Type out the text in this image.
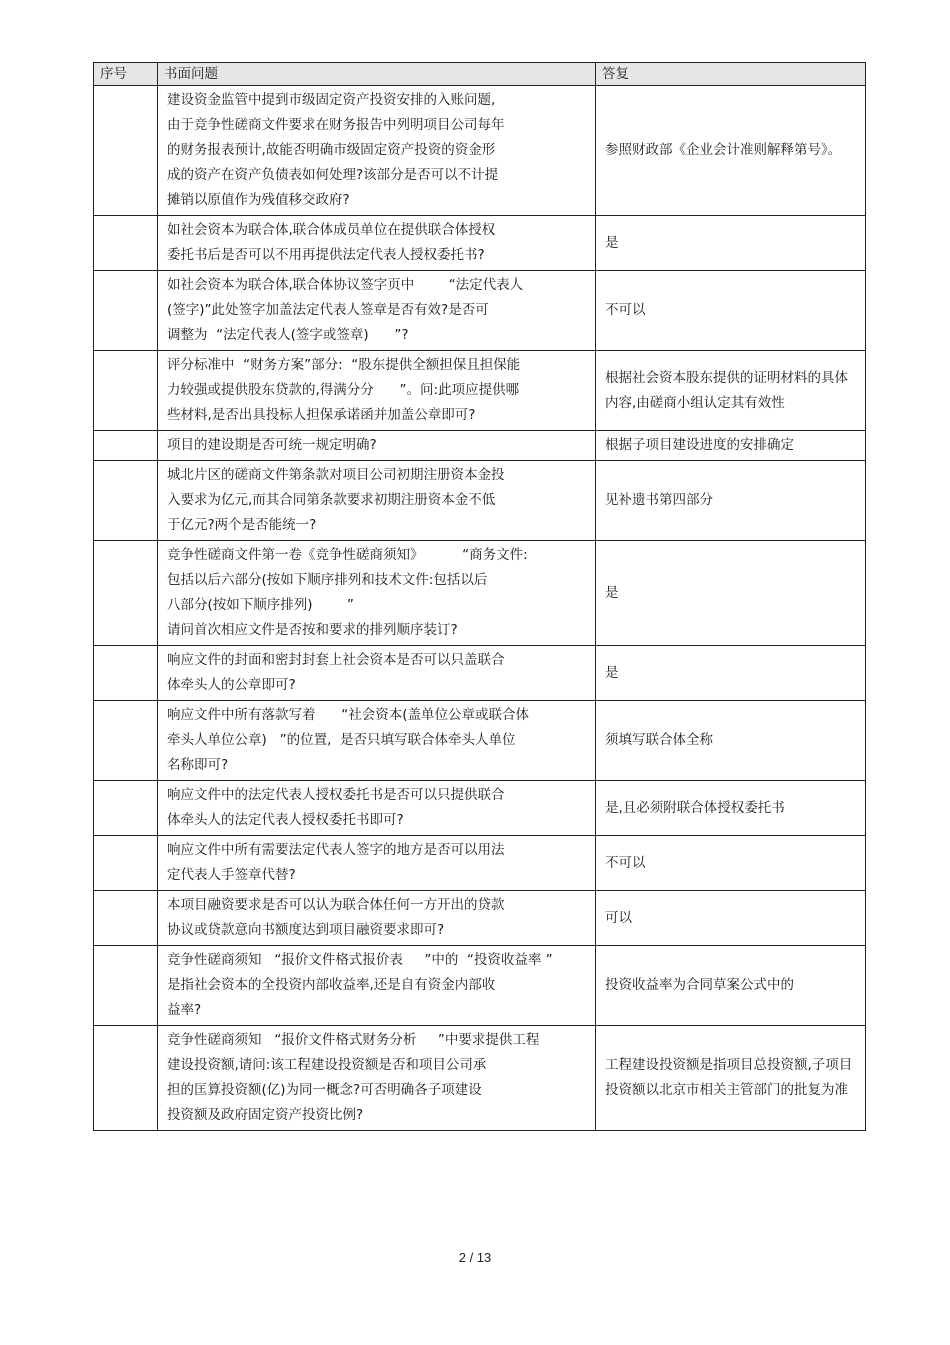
序号	书面问题	答复

	建设资金监管中提到市级固定资产投资安排的入账问题,
由于竞争性磋商文件要求在财务报告中列明项目公司每年
的财务报表预计,故能否明确市级固定资产投资的资金形
成的资产在资产负债表如何处理?该部分是否可以不计提
摊销以原值作为残值移交政府?	参照财政部《企业会计准则解释第号》。

	如社会资本为联合体,联合体成员单位在提供联合体授权
委托书后是否可以不用再提供法定代表人授权委托书?	是

	如社会资本为联合体,联合体协议签字页中        “法定代表人
(签字)”此处签字加盖法定代表人签章是否有效?是否可
调整为  “法定代表人(签字或签章)      ”?	不可以

	评分标准中  “财务方案”部分:  “股东提供全额担保且担保能
力较强或提供股东贷款的,得满分分      ”。问:此项应提供哪
些材料,是否出具投标人担保承诺函并加盖公章即可?	根据社会资本股东提供的证明材料的具体内容,由磋商小组认定其有效性

	项目的建设期是否可统一规定明确?	根据子项目建设进度的安排确定

	城北片区的磋商文件第条款对项目公司初期注册资本金投
入要求为亿元,而其合同第条款要求初期注册资本金不低
于亿元?两个是否能统一?	见补遗书第四部分

	竞争性磋商文件第一卷《竞争性磋商须知》         “商务文件:
包括以后六部分(按如下顺序排列和技术文件:包括以后
八部分(按如下顺序排列)        ”
请问首次相应文件是否按和要求的排列顺序装订?	是

	响应文件的封面和密封封套上社会资本是否可以只盖联合
体牵头人的公章即可?	是

	响应文件中所有落款写着      “社会资本(盖单位公章或联合体
牵头人单位公章)   ”的位置,  是否只填写联合体牵头人单位
名称即可?	须填写联合体全称

	响应文件中的法定代表人授权委托书是否可以只提供联合
体牵头人的法定代表人授权委托书即可?	是,且必须附联合体授权委托书

	响应文件中所有需要法定代表人签字的地方是否可以用法
定代表人手签章代替?	不可以

	本项目融资要求是否可以认为联合体任何一方开出的贷款
协议或贷款意向书额度达到项目融资要求即可?	可以

	竞争性磋商须知   “报价文件格式报价表     ”中的  “投资收益率 ”
是指社会资本的全投资内部收益率,还是自有资金内部收
益率?	投资收益率为合同草案公式中的

	竞争性磋商须知   “报价文件格式财务分析     ”中要求提供工程
建设投资额,请问:该工程建设投资额是否和项目公司承
担的匡算投资额(亿)为同一概念?可否明确各子项建设
投资额及政府固定资产投资比例?	工程建设投资额是指项目总投资额,子项目投资额以北京市相关主管部门的批复为准
2 / 13
